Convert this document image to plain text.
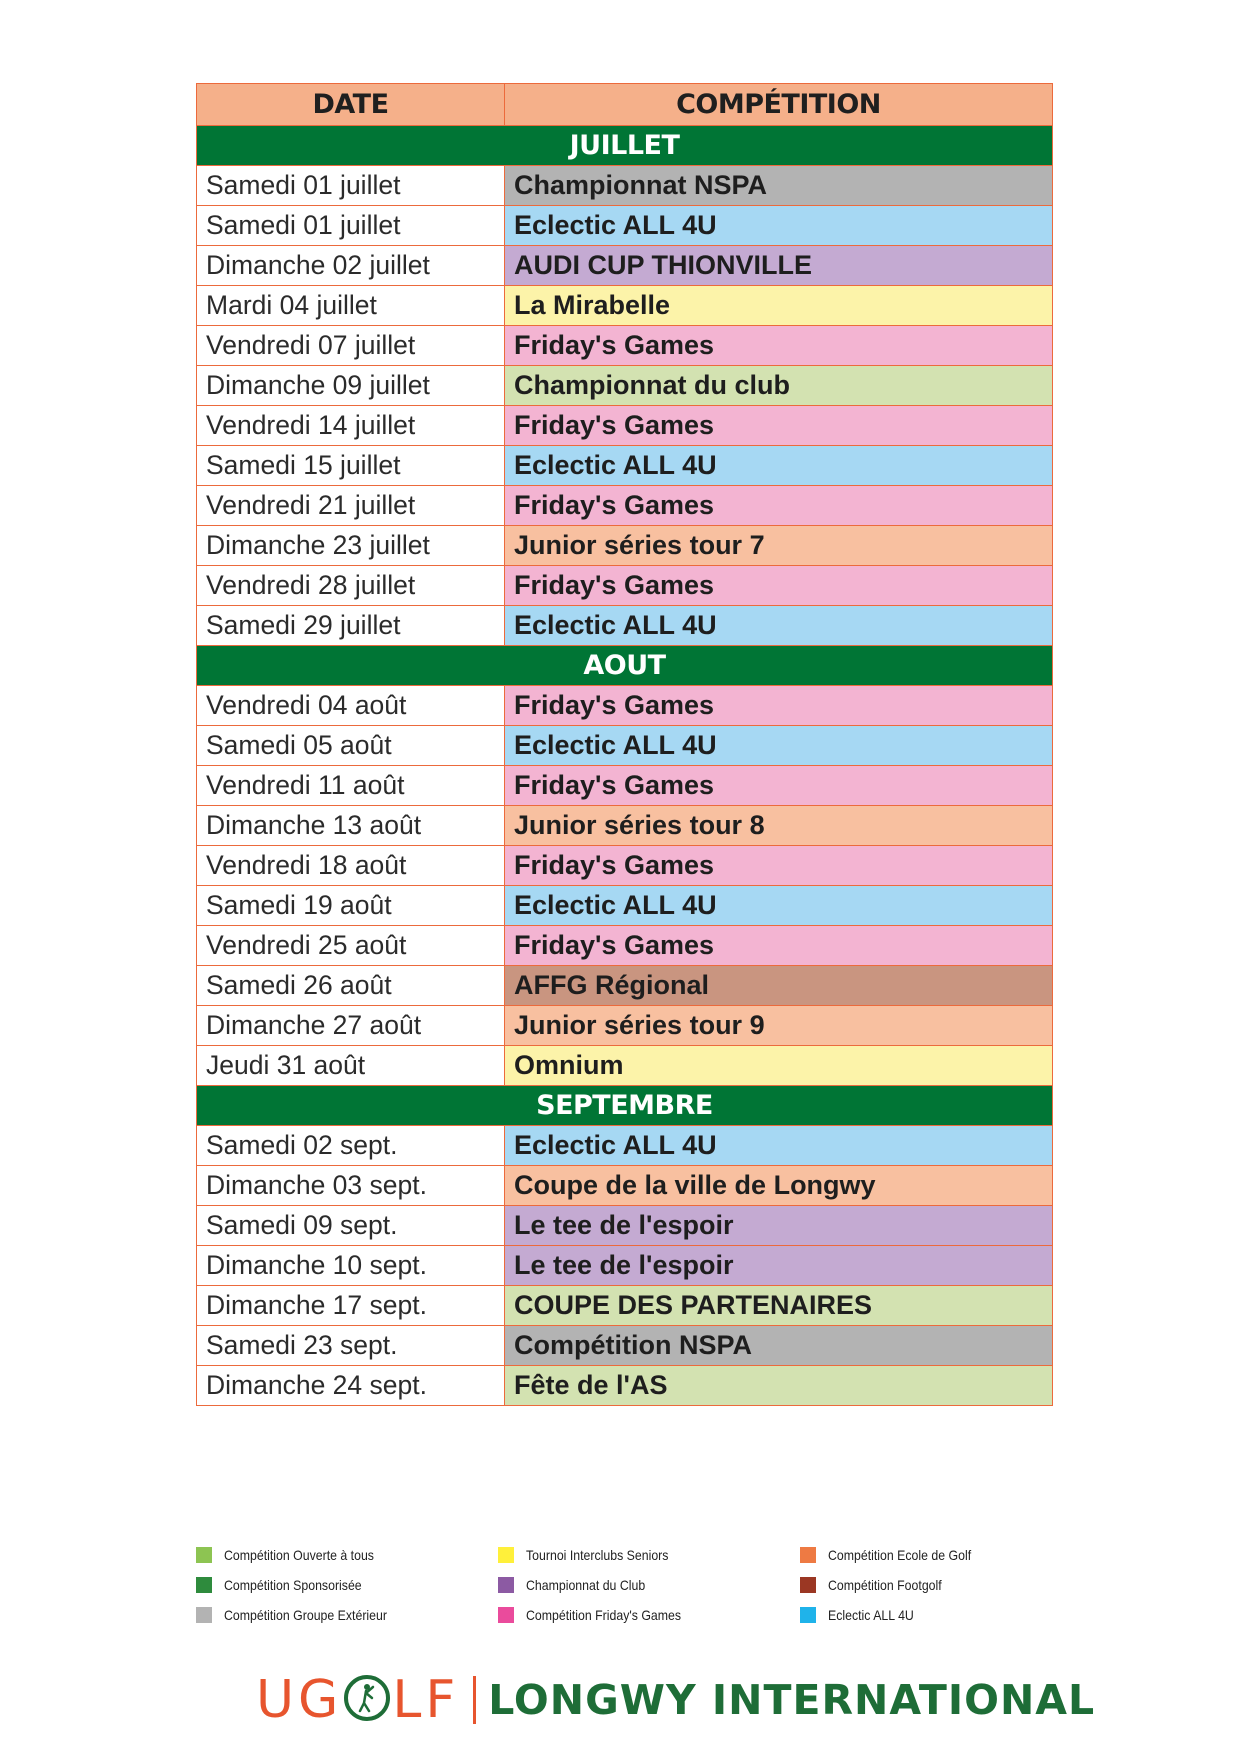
DATE	COMPÉTITION
JUILLET	
Samedi 01 juillet	Championnat NSPA
Samedi 01 juillet	Eclectic ALL 4U
Dimanche 02 juillet	AUDI CUP THIONVILLE
Mardi 04 juillet	La Mirabelle
Vendredi 07 juillet	Friday's Games
Dimanche 09 juillet	Championnat du club
Vendredi 14 juillet	Friday's Games
Samedi 15 juillet	Eclectic ALL 4U
Vendredi 21 juillet	Friday's Games
Dimanche 23 juillet	Junior séries tour 7
Vendredi 28 juillet	Friday's Games
Samedi 29 juillet	Eclectic ALL 4U
AOUT	
Vendredi 04 août	Friday's Games
Samedi 05 août	Eclectic ALL 4U
Vendredi 11 août	Friday's Games
Dimanche 13 août	Junior séries tour 8
Vendredi 18 août	Friday's Games
Samedi 19 août	Eclectic ALL 4U
Vendredi 25 août	Friday's Games
Samedi 26 août	AFFG Régional
Dimanche 27 août	Junior séries tour 9
Jeudi 31 août	Omnium
SEPTEMBRE	
Samedi 02 sept.	Eclectic ALL 4U
Dimanche 03 sept.	Coupe de la ville de Longwy
Samedi 09 sept.	Le tee de l'espoir
Dimanche 10 sept.	Le tee de l'espoir
Dimanche 17 sept.	COUPE DES PARTENAIRES
Samedi 23 sept.	Compétition NSPA
Dimanche 24 sept.	Fête de l'AS
Compétition Ouverte à tous
Compétition Sponsorisée
Compétition Groupe Extérieur
Tournoi Interclubs Seniors
Championnat du Club
Compétition Friday's Games
Compétition Ecole de Golf
Compétition Footgolf
Eclectic ALL 4U
UG LF LONGWY INTERNATIONAL
